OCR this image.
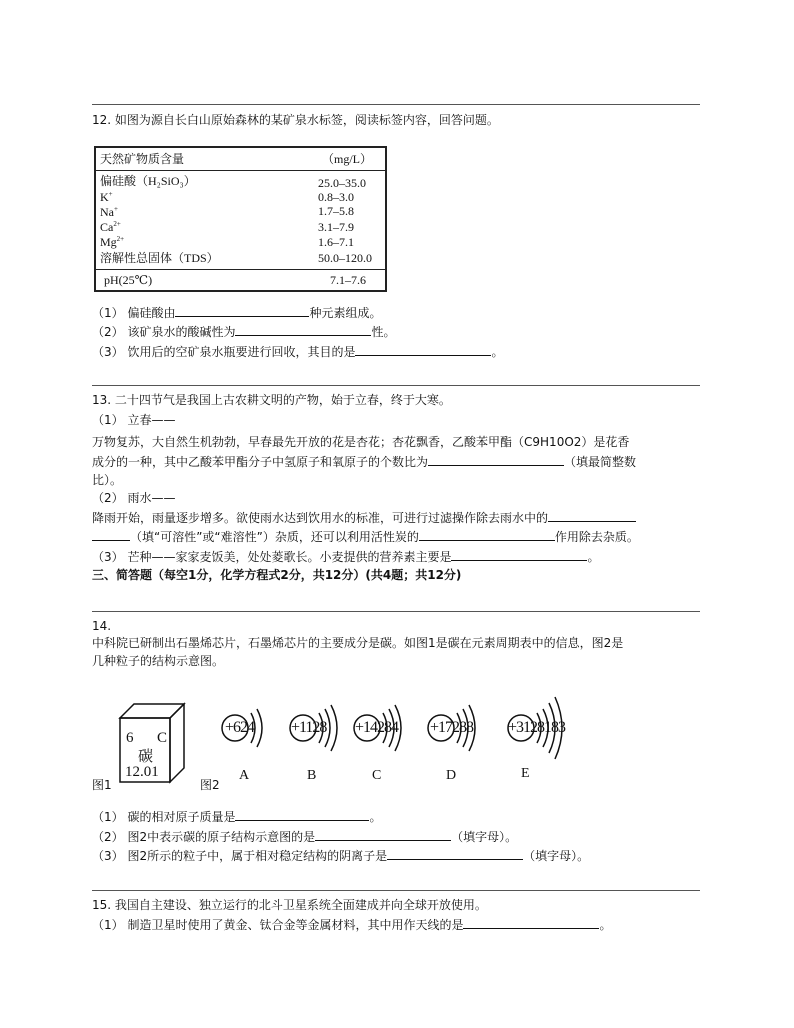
12. 如图为源自长白山原始森林的某矿泉水标签，阅读标签内容，回答问题。
天然矿物质含量	（mg/L）
偏硅酸（H₂SiO₃）	25.0–35.0
K+	0.8–3.0
Na+	1.7–5.8
$Ca^{2+}$	3.1–7.9
$Mg^{2+}$	1.6–7.1
溶解性总固体（TDS）	50.0–120.0
pH(25℃)	7.1–7.6
（1） 偏硅酸由	种元素组成。
（2） 该矿泉水的酸碱性为	性。
（3） 饮用后的空矿泉水瓶要进行回收，其目的是	。
13. 二十四节气是我国上古农耕文明的产物，始于立春，终于大寒。
（1） 立春——
万物复苏，大自然生机勃勃，早春最先开放的花是杏花；杏花飘香，乙酸苯甲酯（C9H10O2）是花香
成分的一种，其中乙酸苯甲酯分子中氢原子和氧原子的个数比为	（填最简整数
比）。
（2） 雨水——
降雨开始，雨量逐步增多。欲使雨水达到饮用水的标准，可进行过滤操作除去雨水中的
（填“可溶性”或“难溶性”）杂质，还可以利用活性炭的	作用除去杂质。
（3） 芒种——家家麦饭美，处处菱歌长。小麦提供的营养素主要是	。
三、简答题（每空1分，化学方程式2分，共12分）(共4题；共12分)
14.
中科院已研制出石墨烯芯片，石墨烯芯片的主要成分是碳。如图1是碳在元素周期表中的信息，图2是
几种粒子的结构示意图。
6 C
碳
12.01
图1	图2
+624 +1128 +14284 +17288 +3128183
A	B	C	D	E
（1） 碳的相对原子质量是	。
（2） 图2中表示碳的原子结构示意图的是	（填字母）。
（3） 图2所示的粒子中，属于相对稳定结构的阴离子是	（填字母）。
15. 我国自主建设、独立运行的北斗卫星系统全面建成并向全球开放使用。
（1） 制造卫星时使用了黄金、钛合金等金属材料，其中用作天线的是	。
